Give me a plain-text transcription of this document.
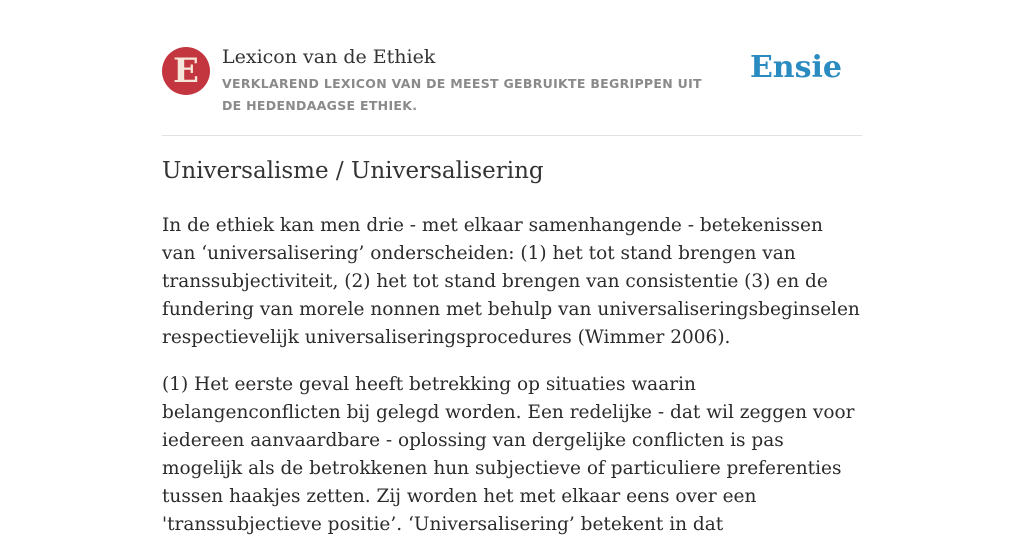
E	Lexicon van de Ethiek
VERKLAREND LEXICON VAN DE MEEST GEBRUIKTE BEGRIPPEN UIT DE HEDENDAAGSE ETHIEK.
Ensie
Universalisme / Universalisering

In de ethiek kan men drie - met elkaar samenhangende - betekenissen van ‘universalisering’ onderscheiden: (1) het tot stand brengen van transsubjectiviteit, (2) het tot stand brengen van consistentie (3) en de fundering van morele nonnen met behulp van universaliseringsbeginselen respectievelijk universaliseringsprocedures (Wimmer 2006).

(1) Het eerste geval heeft betrekking op situaties waarin belangenconflicten bij gelegd worden. Een redelijke - dat wil zeggen voor iedereen aanvaardbare - oplossing van dergelijke conflicten is pas mogelijk als de betrokkenen hun subjectieve of particuliere preferenties tussen haakjes zetten. Zij worden het met elkaar eens over een 'transsubjectieve positie’. ‘Universalisering’ betekent in dat
